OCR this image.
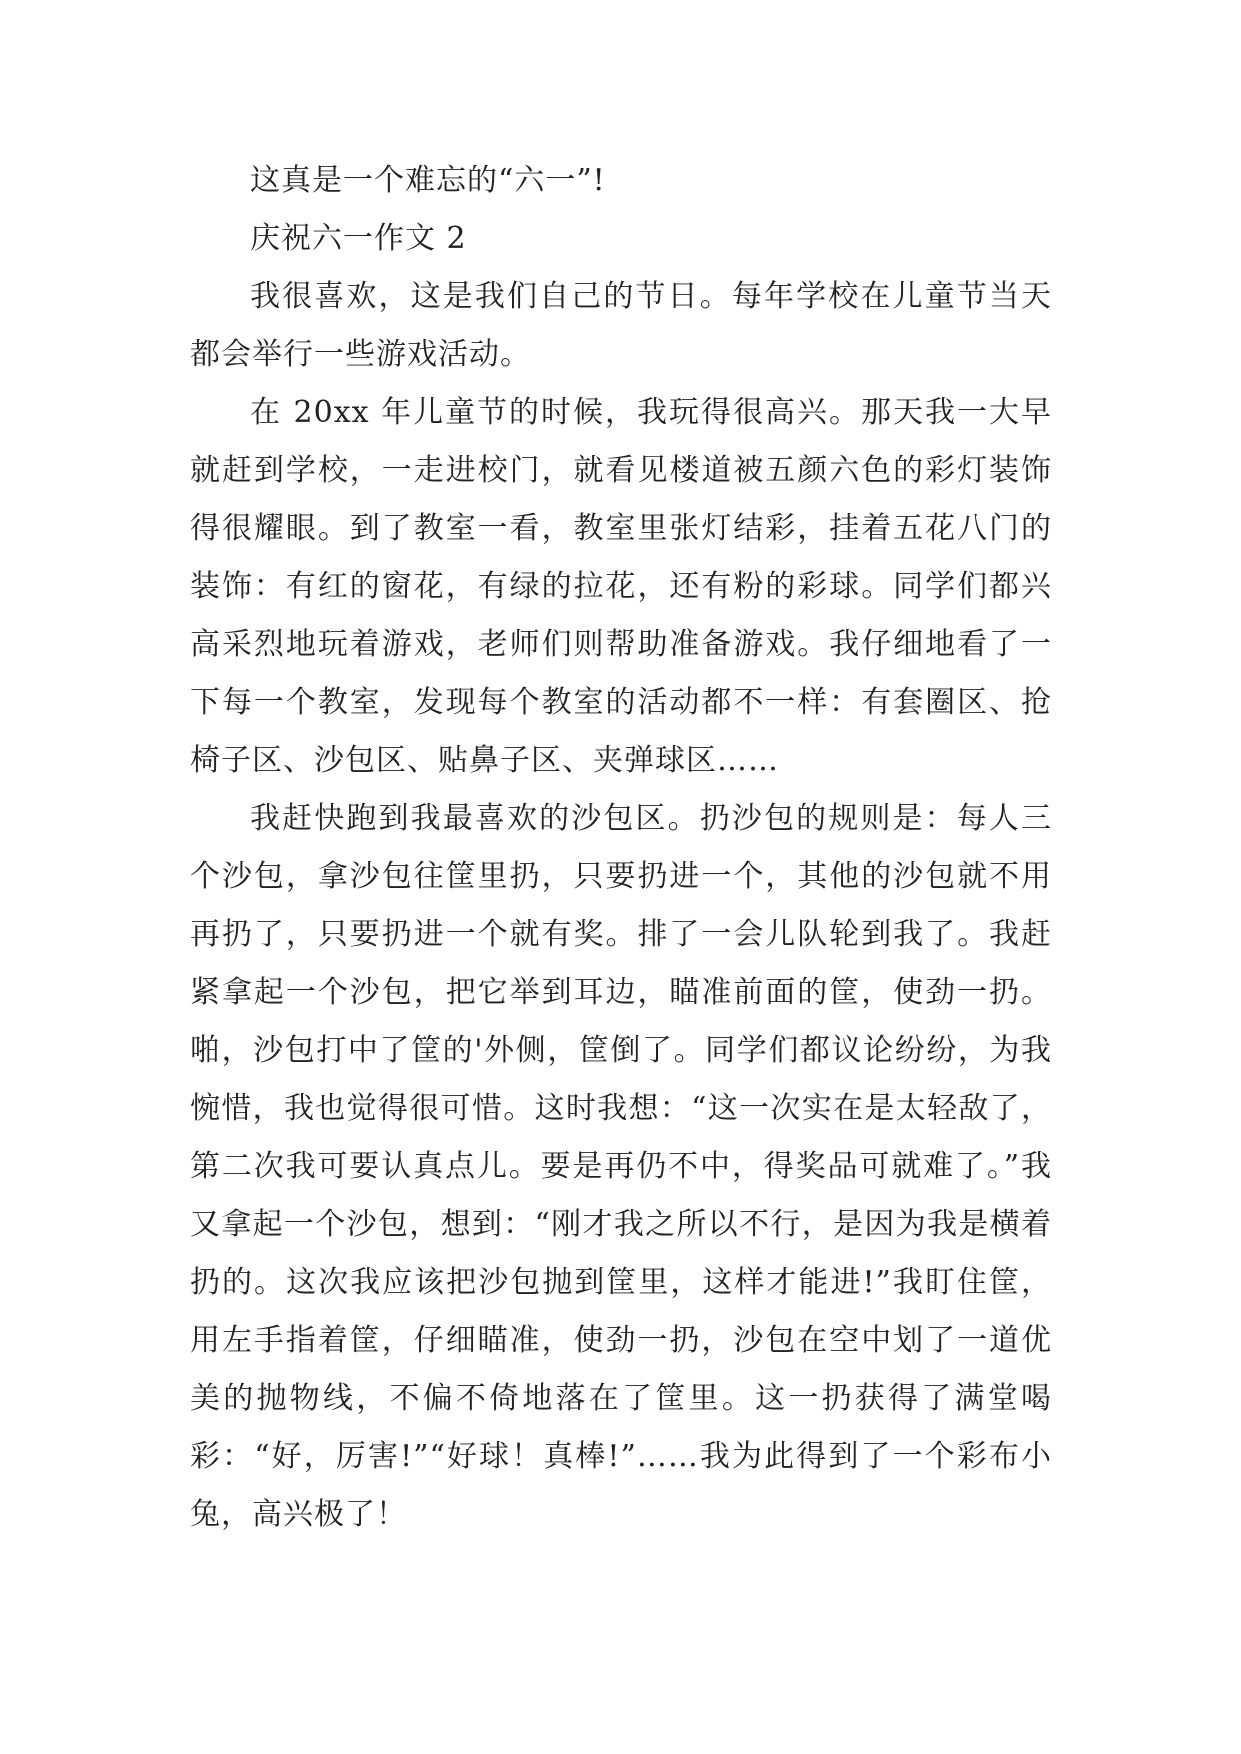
这真是一个难忘的“六一”!

庆祝六一作文 2

我很喜欢，这是我们自己的节日。每年学校在儿童节当天都会举行一些游戏活动。

在 20xx 年儿童节的时候，我玩得很高兴。那天我一大早就赶到学校，一走进校门，就看见楼道被五颜六色的彩灯装饰得很耀眼。到了教室一看，教室里张灯结彩，挂着五花八门的装饰：有红的窗花，有绿的拉花，还有粉的彩球。同学们都兴高采烈地玩着游戏，老师们则帮助准备游戏。我仔细地看了一下每一个教室，发现每个教室的活动都不一样：有套圈区、抢椅子区、沙包区、贴鼻子区、夹弹球区……

我赶快跑到我最喜欢的沙包区。扔沙包的规则是：每人三个沙包，拿沙包往筐里扔，只要扔进一个，其他的沙包就不用再扔了，只要扔进一个就有奖。排了一会儿队轮到我了。我赶紧拿起一个沙包，把它举到耳边，瞄准前面的筐，使劲一扔。啪，沙包打中了筐的'外侧，筐倒了。同学们都议论纷纷，为我惋惜，我也觉得很可惜。这时我想：“这一次实在是太轻敌了，第二次我可要认真点儿。要是再仍不中，得奖品可就难了。”我又拿起一个沙包，想到：“刚才我之所以不行，是因为我是横着扔的。这次我应该把沙包抛到筐里，这样才能进!”我盯住筐，用左手指着筐，仔细瞄准，使劲一扔，沙包在空中划了一道优美的抛物线，不偏不倚地落在了筐里。这一扔获得了满堂喝彩：“好，厉害!”“好球！真棒!”……我为此得到了一个彩布小兔，高兴极了！
